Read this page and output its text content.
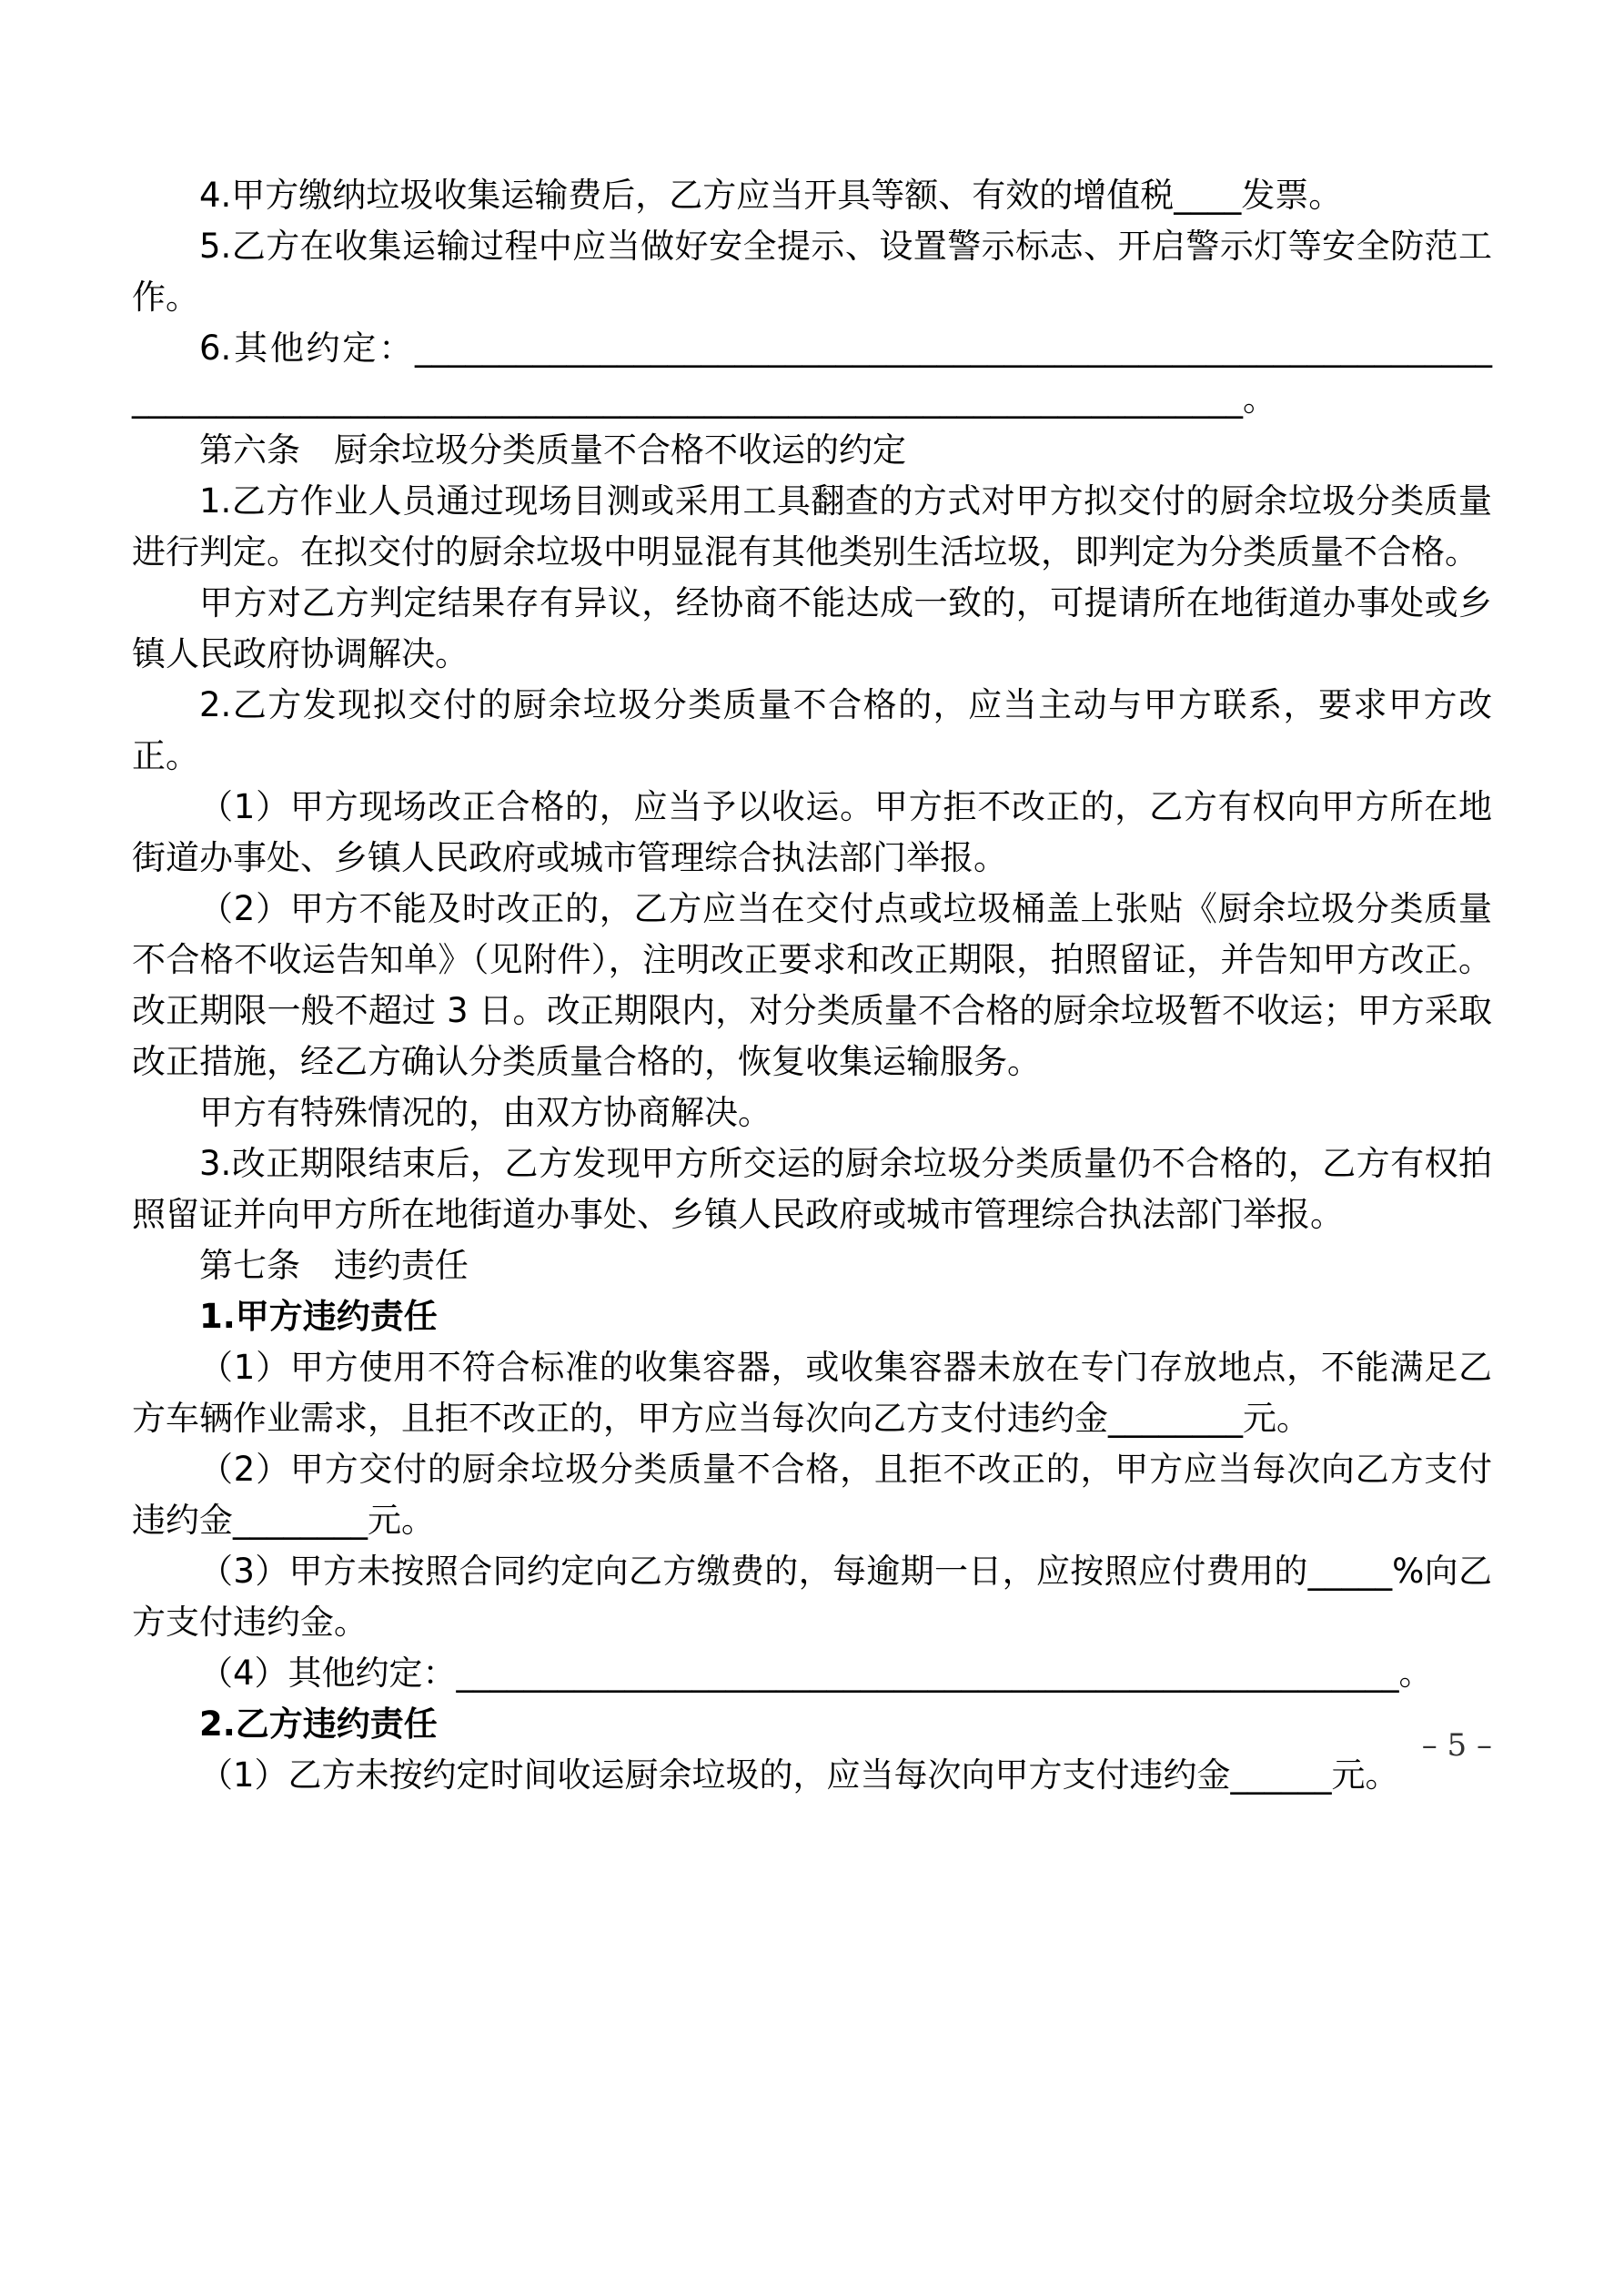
4.甲方缴纳垃圾收集运输费后，乙方应当开具等额、有效的增值税____发票。

5.乙方在收集运输过程中应当做好安全提示、设置警示标志、开启警示灯等安全防范工作。

6.其他约定：__________________________________________________________________________________________________________________________________。

第六条　厨余垃圾分类质量不合格不收运的约定

1.乙方作业人员通过现场目测或采用工具翻查的方式对甲方拟交付的厨余垃圾分类质量进行判定。在拟交付的厨余垃圾中明显混有其他类别生活垃圾，即判定为分类质量不合格。

甲方对乙方判定结果存有异议，经协商不能达成一致的，可提请所在地街道办事处或乡镇人民政府协调解决。

2.乙方发现拟交付的厨余垃圾分类质量不合格的，应当主动与甲方联系，要求甲方改正。

（1）甲方现场改正合格的，应当予以收运。甲方拒不改正的，乙方有权向甲方所在地街道办事处、乡镇人民政府或城市管理综合执法部门举报。

（2）甲方不能及时改正的，乙方应当在交付点或垃圾桶盖上张贴《厨余垃圾分类质量不合格不收运告知单》（见附件），注明改正要求和改正期限，拍照留证，并告知甲方改正。改正期限一般不超过 3 日。改正期限内，对分类质量不合格的厨余垃圾暂不收运；甲方采取改正措施，经乙方确认分类质量合格的，恢复收集运输服务。

甲方有特殊情况的，由双方协商解决。

3.改正期限结束后，乙方发现甲方所交运的厨余垃圾分类质量仍不合格的，乙方有权拍照留证并向甲方所在地街道办事处、乡镇人民政府或城市管理综合执法部门举报。

第七条　违约责任

1.甲方违约责任

（1）甲方使用不符合标准的收集容器，或收集容器未放在专门存放地点，不能满足乙方车辆作业需求，且拒不改正的，甲方应当每次向乙方支付违约金________元。

（2）甲方交付的厨余垃圾分类质量不合格，且拒不改正的，甲方应当每次向乙方支付违约金________元。

（3）甲方未按照合同约定向乙方缴费的，每逾期一日，应按照应付费用的_____%向乙方支付违约金。

（4）其他约定：________________________________________________________。

2.乙方违约责任

（1）乙方未按约定时间收运厨余垃圾的，应当每次向甲方支付违约金______元。

– 5 –
